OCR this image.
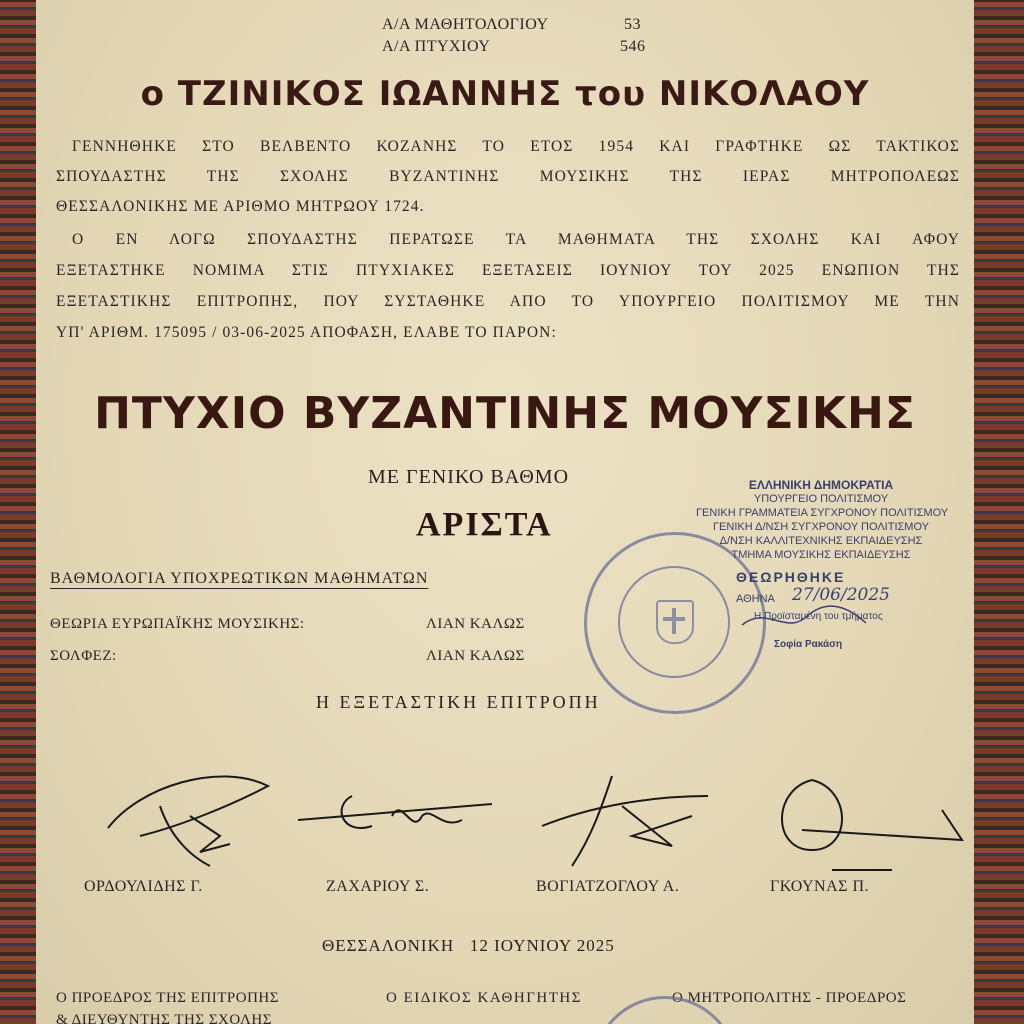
Α/Α ΜΑΘΗΤΟΛΟΓΙΟΥ	53
Α/Α ΠΤΥΧΙΟΥ	546
ο ΤΖΙΝΙΚΟΣ ΙΩΑΝΝΗΣ του ΝΙΚΟΛΑΟΥ
ΓΕΝΝΗΘΗΚΕ ΣΤΟ ΒΕΛΒΕΝΤΟ ΚΟΖΑΝΗΣ ΤΟ ΕΤΟΣ 1954 ΚΑΙ ΓΡΑΦΤΗΚΕ ΩΣ ΤΑΚΤΙΚΟΣ
ΣΠΟΥΔΑΣΤΗΣ ΤΗΣ ΣΧΟΛΗΣ ΒΥΖΑΝΤΙΝΗΣ ΜΟΥΣΙΚΗΣ ΤΗΣ ΙΕΡΑΣ ΜΗΤΡΟΠΟΛΕΩΣ
ΘΕΣΣΑΛΟΝΙΚΗΣ ΜΕ ΑΡΙΘΜΟ ΜΗΤΡΩΟΥ 1724.
Ο ΕΝ ΛΟΓΩ ΣΠΟΥΔΑΣΤΗΣ ΠΕΡΑΤΩΣΕ ΤΑ ΜΑΘΗΜΑΤΑ ΤΗΣ ΣΧΟΛΗΣ ΚΑΙ ΑΦΟΥ
ΕΞΕΤΑΣΤΗΚΕ ΝΟΜΙΜΑ ΣΤΙΣ ΠΤΥΧΙΑΚΕΣ ΕΞΕΤΑΣΕΙΣ ΙΟΥΝΙΟΥ ΤΟΥ 2025 ΕΝΩΠΙΟΝ ΤΗΣ
ΕΞΕΤΑΣΤΙΚΗΣ ΕΠΙΤΡΟΠΗΣ, ΠΟΥ ΣΥΣΤΑΘΗΚΕ ΑΠΟ ΤΟ ΥΠΟΥΡΓΕΙΟ ΠΟΛΙΤΙΣΜΟΥ ΜΕ ΤΗΝ
ΥΠ' ΑΡΙΘΜ. 175095 / 03-06-2025 ΑΠΟΦΑΣΗ, ΕΛΑΒΕ ΤΟ ΠΑΡΟΝ:
ΠΤΥΧΙΟ ΒΥΖΑΝΤΙΝΗΣ ΜΟΥΣΙΚΗΣ
ΜΕ ΓΕΝΙΚΟ ΒΑΘΜΟ
ΑΡΙΣΤΑ
ΒΑΘΜΟΛΟΓΙΑ ΥΠΟΧΡΕΩΤΙΚΩΝ ΜΑΘΗΜΑΤΩΝ
ΘΕΩΡΙΑ ΕΥΡΩΠΑΪΚΗΣ ΜΟΥΣΙΚΗΣ:	ΛΙΑΝ ΚΑΛΩΣ
ΣΟΛΦΕΖ:	ΛΙΑΝ ΚΑΛΩΣ
ΕΛΛΗΝΙΚΗ ΔΗΜΟΚΡΑΤΙΑ
ΥΠΟΥΡΓΕΙΟ ΠΟΛΙΤΙΣΜΟΥ
ΓΕΝΙΚΗ ΓΡΑΜΜΑΤΕΙΑ ΣΥΓΧΡΟΝΟΥ ΠΟΛΙΤΙΣΜΟΥ
ΓΕΝΙΚΗ Δ/ΝΣΗ ΣΥΓΧΡΟΝΟΥ ΠΟΛΙΤΙΣΜΟΥ
Δ/ΝΣΗ ΚΑΛΛΙΤΕΧΝΙΚΗΣ ΕΚΠΑΙΔΕΥΣΗΣ
ΤΜΗΜΑ ΜΟΥΣΙΚΗΣ ΕΚΠΑΙΔΕΥΣΗΣ
ΘΕΩΡΗΘΗΚΕ
ΑΘΗΝΑ 27/06/2025
Η Προϊσταμένη του τμήματος
Σοφία Ρακάση
Η ΕΞΕΤΑΣΤΙΚΗ ΕΠΙΤΡΟΠΗ
ΟΡΔΟΥΛΙΔΗΣ Γ.	ΖΑΧΑΡΙΟΥ Σ.	ΒΟΓΙΑΤΖΟΓΛΟΥ Α.	ΓΚΟΥΝΑΣ Π.
ΘΕΣΣΑΛΟΝΙΚΗ   12 ΙΟΥΝΙΟΥ 2025
Ο ΠΡΟΕΔΡΟΣ ΤΗΣ ΕΠΙΤΡΟΠΗΣ
& ΔΙΕΥΘΥΝΤΗΣ ΤΗΣ ΣΧΟΛΗΣ
Ο ΕΙΔΙΚΟΣ ΚΑΘΗΓΗΤΗΣ	Ο ΜΗΤΡΟΠΟΛΙΤΗΣ - ΠΡΟΕΔΡΟΣ
